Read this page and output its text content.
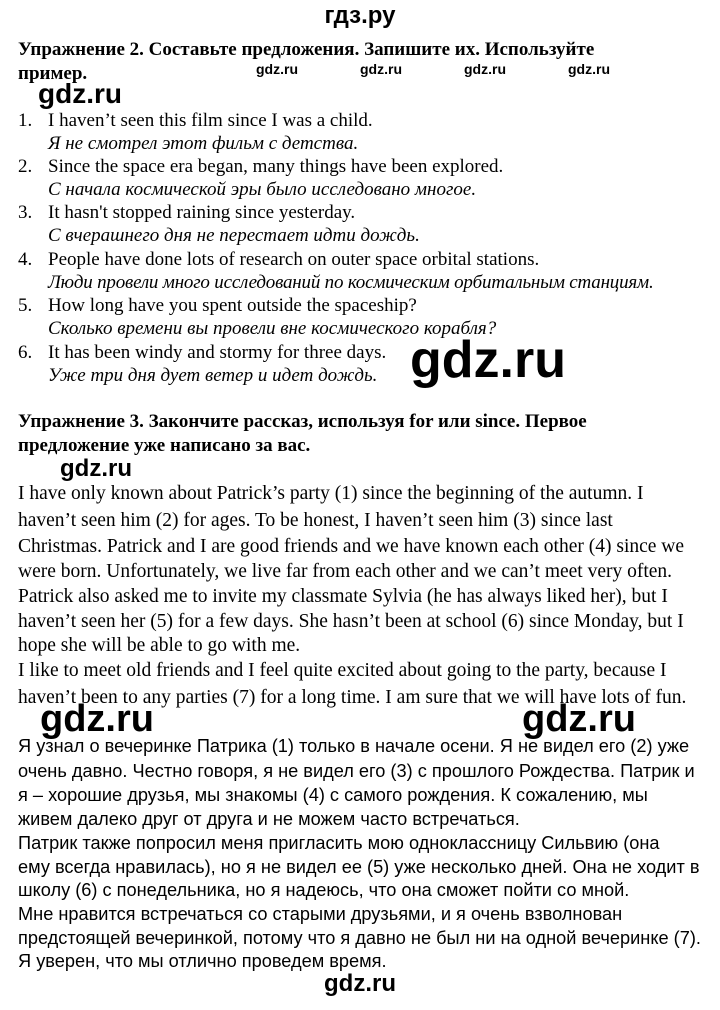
гдз.ру
Упражнение 2. Составьте предложения. Запишите их. Используйте
пример.	gdz.ru	gdz.ru	gdz.ru	gdz.ru
gdz.ru
1. I haven’t seen this film since I was a child.
Я не смотрел этот фильм с детства.
2. Since the space era began, many things have been explored.
С начала космической эры было исследовано многое.
3. It hasn't stopped raining since yesterday.
С вчерашнего дня не перестает идти дождь.
4. People have done lots of research on outer space orbital stations.
Люди провели много исследований по космическим орбитальным станциям.
5. How long have you spent outside the spaceship?
Сколько времени вы провели вне космического корабля?
6. It has been windy and stormy for three days.
Уже три дня дует ветер и идет дождь. gdz.ru
Упражнение 3. Закончите рассказ, используя for или since. Первое
предложение уже написано за вас.
gdz.ru
I have only known about Patrick’s party (1) since the beginning of the autumn. I
haven’t seen him (2) for ages. To be honest, I haven’t seen him (3) since last
Christmas. Patrick and I are good friends and we have known each other (4) since we
were born. Unfortunately, we live far from each other and we can’t meet very often.
Patrick also asked me to invite my classmate Sylvia (he has always liked her), but I
haven’t seen her (5) for a few days. She hasn’t been at school (6) since Monday, but I
hope she will be able to go with me.
I like to meet old friends and I feel quite excited about going to the party, because I
haven’t been to any parties (7) for a long time. I am sure that we will have lots of fun.
gdz.ru	gdz.ru
Я узнал о вечеринке Патрика (1) только в начале осени. Я не видел его (2) уже
очень давно. Честно говоря, я не видел его (3) с прошлого Рождества. Патрик и
я – хорошие друзья, мы знакомы (4) с самого рождения. К сожалению, мы
живем далеко друг от друга и не можем часто встречаться.
Патрик также попросил меня пригласить мою одноклассницу Сильвию (она
ему всегда нравилась), но я не видел ее (5) уже несколько дней. Она не ходит в
школу (6) с понедельника, но я надеюсь, что она сможет пойти со мной.
Мне нравится встречаться со старыми друзьями, и я очень взволнован
предстоящей вечеринкой, потому что я давно не был ни на одной вечеринке (7).
Я уверен, что мы отлично проведем время.
gdz.ru
